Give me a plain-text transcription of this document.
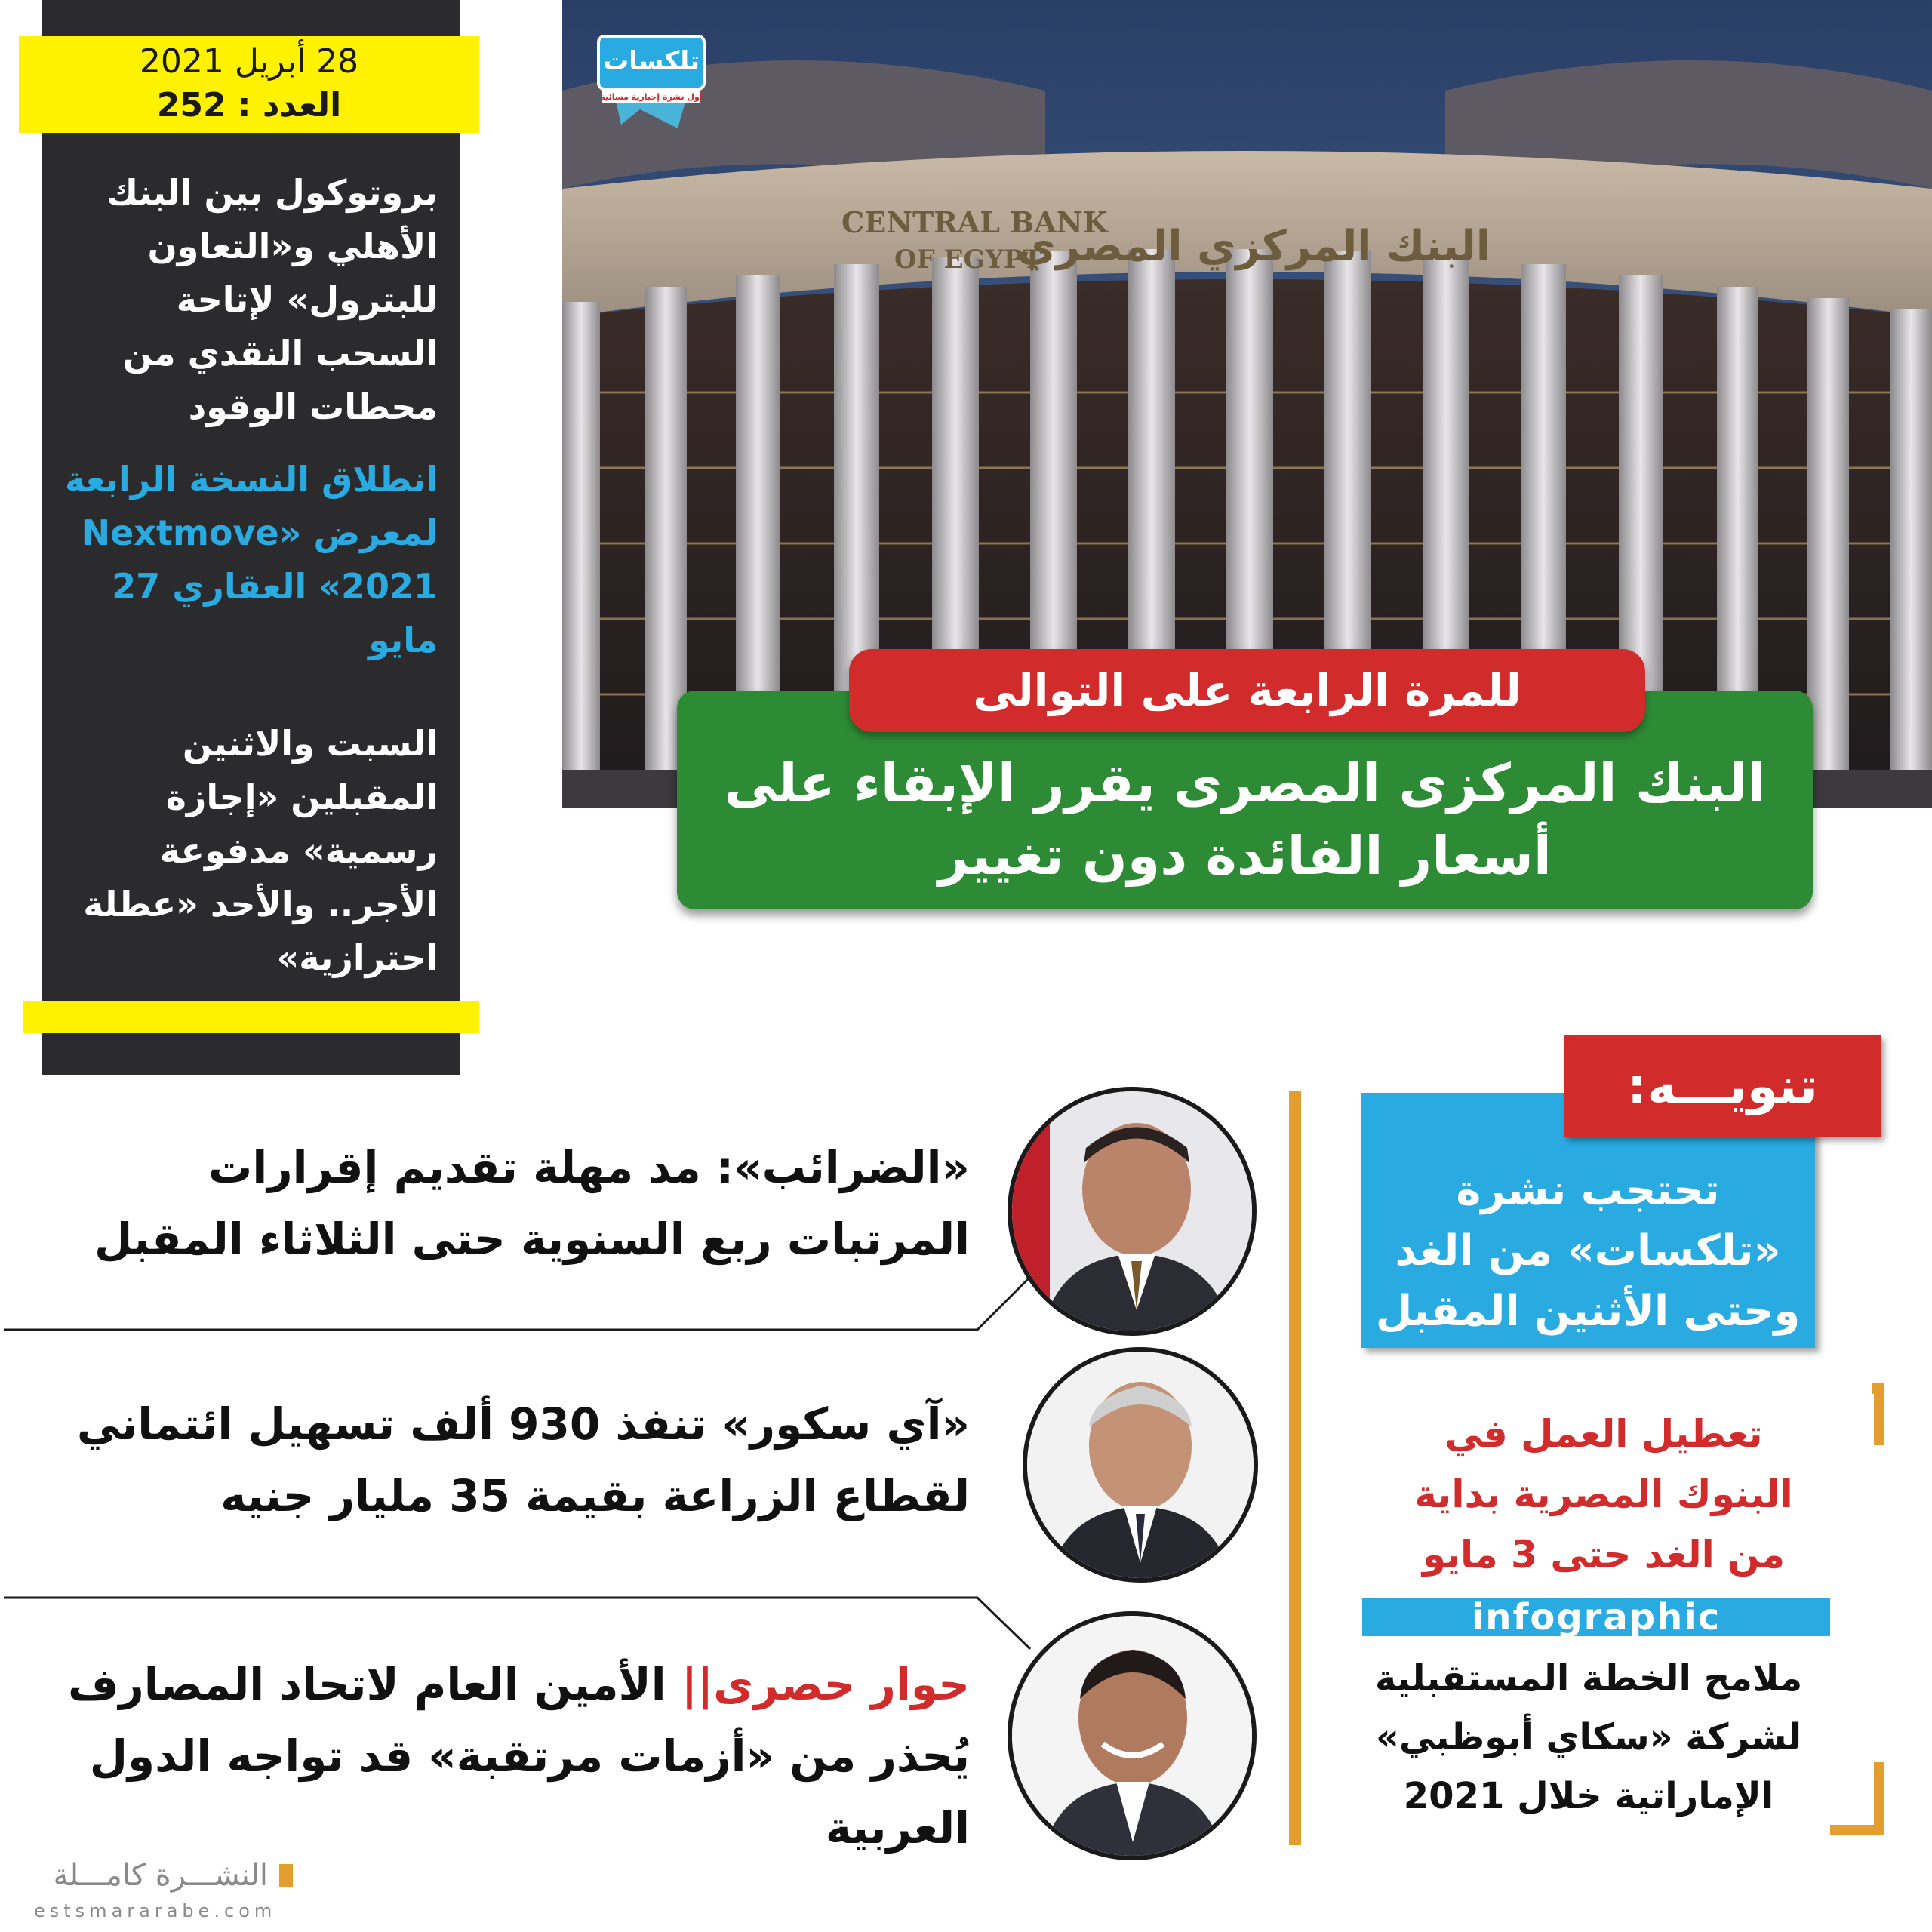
28 أبريل 2021
العدد : 252
بروتوكول بين البنك الأهلي و«التعاون للبترول» لإتاحة السحب النقدي من محطات الوقود
انطلاق النسخة الرابعة لمعرض «Nextmove 2021» العقاري 27 مايو
السبت والاثنين المقبلين «إجازة رسمية» مدفوعة الأجر.. والأحد «عطلة احترازية»
CENTRAL BANK
OF EGYPT
البنك المركزي المصري
تلكسات
أول نشرة إخبارية مسائية
البنك المركزى المصرى يقرر الإبقاء على
أسعار الفائدة دون تغيير
للمرة الرابعة على التوالى
«الضرائب»: مد مهلة تقديم إقرارات المرتبات ربع السنوية حتى الثلاثاء المقبل
«آي سكور» تنفذ 930 ألف تسهيل ائتماني لقطاع الزراعة بقيمة 35 مليار جنيه
حوار حصرى|| الأمين العام لاتحاد المصارف يُحذر من «أزمات مرتقبة» قد تواجه الدول العربية
تحتجب نشرة «تلكسات» من الغد وحتى الأثنين المقبل
تنويـــه:
تعطيل العمل في البنوك المصرية بداية من الغد حتى 3 مايو
infographic
ملامح الخطة المستقبلية لشركة «سكاي أبوظبي» الإماراتية خلال 2021
النشـــرة كامـــلة
estsmararabe.com
